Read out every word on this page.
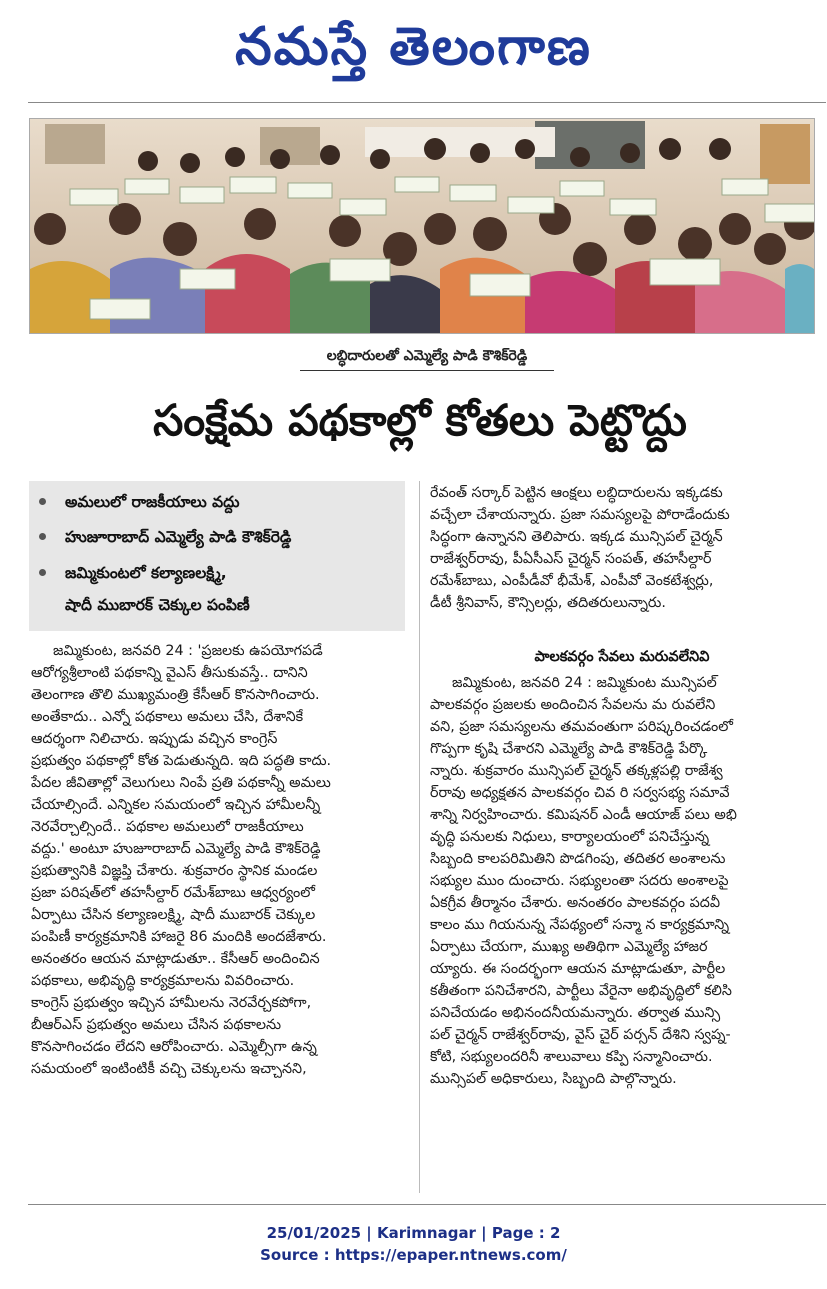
నమస్తే తెలంగాణ
లబ్ధిదారులతో ఎమ్మెల్యే పాడి కౌశిక్‌రెడ్డి
సంక్షేమ పథకాల్లో కోతలు పెట్టొద్దు
అమలులో రాజకీయాలు వద్దు
హుజూరాబాద్ ఎమ్మెల్యే పాడి కౌశిక్‌రెడ్డి
జమ్మికుంటలో కల్యాణలక్ష్మి,
షాదీ ముబారక్ చెక్కుల పంపిణీ
జమ్మికుంట, జనవరి 24 : 'ప్రజలకు ఉపయోగపడే
ఆరోగ్యశ్రీలాంటి పథకాన్ని వైఎస్ తీసుకువస్తే.. దానిని
తెలంగాణ తొలి ముఖ్యమంత్రి కేసీఆర్ కొనసాగించారు.
అంతేకాదు.. ఎన్నో పథకాలు అమలు చేసి, దేశానికే
ఆదర్శంగా నిలిచారు. ఇప్పుడు వచ్చిన కాంగ్రెస్
ప్రభుత్వం పథకాల్లో కోత పెడుతున్నది. ఇది పద్ధతి కాదు.
పేదల జీవితాల్లో వెలుగులు నింపే ప్రతి పథకాన్నీ అమలు
చేయాల్సిందే. ఎన్నికల సమయంలో ఇచ్చిన హామీలన్నీ
నెరవేర్చాల్సిందే.. పథకాల అమలులో రాజకీయాలు
వద్దు.' అంటూ హుజూరాబాద్ ఎమ్మెల్యే పాడి కౌశిక్‌రెడ్డి
ప్రభుత్వానికి విజ్ఞప్తి చేశారు. శుక్రవారం స్థానిక మండల
ప్రజా పరిషత్‌లో తహసీల్దార్ రమేశ్‌బాబు ఆధ్వర్యంలో
ఏర్పాటు చేసిన కల్యాణలక్ష్మి, షాదీ ముబారక్ చెక్కుల
పంపిణీ కార్యక్రమానికి హాజరై 86 మందికి అందజేశారు.
అనంతరం ఆయన మాట్లాడుతూ.. కేసీఆర్ అందించిన
పథకాలు, అభివృద్ధి కార్యక్రమాలను వివరించారు.
కాంగ్రెస్ ప్రభుత్వం ఇచ్చిన హామీలను నెరవేర్చకపోగా,
బీఆర్‌ఎస్ ప్రభుత్వం అమలు చేసిన పథకాలను
కొనసాగించడం లేదని ఆరోపించారు. ఎమ్మెల్సీగా ఉన్న
సమయంలో ఇంటింటికీ వచ్చి చెక్కులను ఇచ్చానని,
రేవంత్ సర్కార్ పెట్టిన ఆంక్షలు లబ్ధిదారులను ఇక్కడకు
వచ్చేలా చేశాయన్నారు. ప్రజా సమస్యలపై పోరాడేందుకు
సిద్ధంగా ఉన్నానని తెలిపారు. ఇక్కడ మున్సిపల్ చైర్మన్
రాజేశ్వర్‌రావు, పీఏసీఎస్ చైర్మన్ సంపత్, తహసీల్దార్
రమేశ్‌బాబు, ఎంపీడీవో భీమేశ్, ఎంపీవో వెంకటేశ్వర్లు,
డీటీ శ్రీనివాస్, కౌన్సిలర్లు, తదితరులున్నారు.
పాలకవర్గం సేవలు మరువలేనివి
జమ్మికుంట, జనవరి 24 : జమ్మికుంట మున్సిపల్
పాలకవర్గం ప్రజలకు అందించిన సేవలను మ రువలేని
వని, ప్రజా సమస్యలను తమవంతుగా పరిష్కరించడంలో
గొప్పగా కృషి చేశారని ఎమ్మెల్యే పాడి కౌశిక్‌రెడ్డి పేర్కొ
న్నారు. శుక్రవారం మున్సిపల్ చైర్మన్ తక్కళ్లపల్లి రాజేశ్వ
ర్‌రావు అధ్యక్షతన పాలకవర్గం చివ రి సర్వసభ్య సమావే
శాన్ని నిర్వహించారు. కమిషనర్ ఎండీ ఆయాజ్ పలు అభి
వృద్ధి పనులకు నిధులు, కార్యాలయంలో పనిచేస్తున్న
సిబ్బంది కాలపరిమితిని పొడగింపు, తదితర అంశాలను
సభ్యుల ముం దుంచారు. సభ్యులంతా సదరు అంశాలపై
ఏకగ్రీవ తీర్మానం చేశారు. అనంతరం పాలకవర్గం పదవీ
కాలం ము గియనున్న నేపథ్యంలో సన్మా న కార్యక్రమాన్ని
ఏర్పాటు చేయగా, ముఖ్య అతిథిగా ఎమ్మెల్యే హాజర
య్యారు. ఈ సందర్భంగా ఆయన మాట్లాడుతూ, పార్టీల
కతీతంగా పనిచేశారని, పార్టీలు వేరైనా అభివృద్ధిలో కలిసి
పనిచేయడం అభినందనీయమన్నారు. తర్వాత మున్సి
పల్ చైర్మన్ రాజేశ్వర్‌రావు, వైస్ చైర్ పర్సన్ దేశిని స్వప్న-
కోటి, సభ్యులందరినీ శాలువాలు కప్పి సన్మానించారు.
మున్సిపల్ అధికారులు, సిబ్బంది పాల్గొన్నారు.
25/01/2025 | Karimnagar | Page : 2
Source : https://epaper.ntnews.com/
